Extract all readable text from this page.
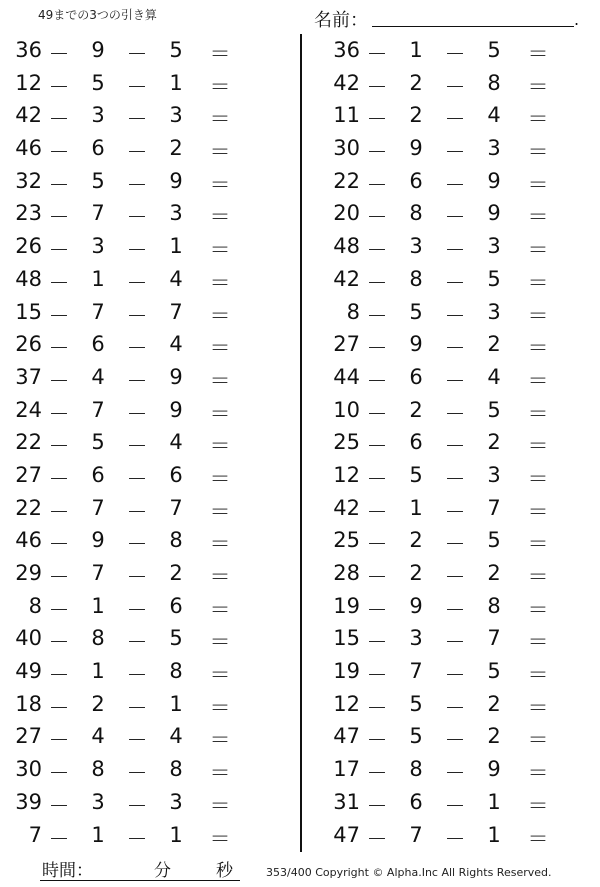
49までの3つの引き算	名前：	.
36 － 9 － 5 ＝
12 － 5 － 1 ＝
42 － 3 － 3 ＝
46 － 6 － 2 ＝
32 － 5 － 9 ＝
23 － 7 － 3 ＝
26 － 3 － 1 ＝
48 － 1 － 4 ＝
15 － 7 － 7 ＝
26 － 6 － 4 ＝
37 － 4 － 9 ＝
24 － 7 － 9 ＝
22 － 5 － 4 ＝
27 － 6 － 6 ＝
22 － 7 － 7 ＝
46 － 9 － 8 ＝
29 － 7 － 2 ＝
8 － 1 － 6 ＝
40 － 8 － 5 ＝
49 － 1 － 8 ＝
18 － 2 － 1 ＝
27 － 4 － 4 ＝
30 － 8 － 8 ＝
39 － 3 － 3 ＝
7 － 1 － 1 ＝
36 － 1 － 5 ＝
42 － 2 － 8 ＝
11 － 2 － 4 ＝
30 － 9 － 3 ＝
22 － 6 － 9 ＝
20 － 8 － 9 ＝
48 － 3 － 3 ＝
42 － 8 － 5 ＝
8 － 5 － 3 ＝
27 － 9 － 2 ＝
44 － 6 － 4 ＝
10 － 2 － 5 ＝
25 － 6 － 2 ＝
12 － 5 － 3 ＝
42 － 1 － 7 ＝
25 － 2 － 5 ＝
28 － 2 － 2 ＝
19 － 9 － 8 ＝
15 － 3 － 7 ＝
19 － 7 － 5 ＝
12 － 5 － 2 ＝
47 － 5 － 2 ＝
17 － 8 － 9 ＝
31 － 6 － 1 ＝
47 － 7 － 1 ＝
時間：	分	秒	353/400 Copyright © Alpha.Inc All Rights Reserved.
